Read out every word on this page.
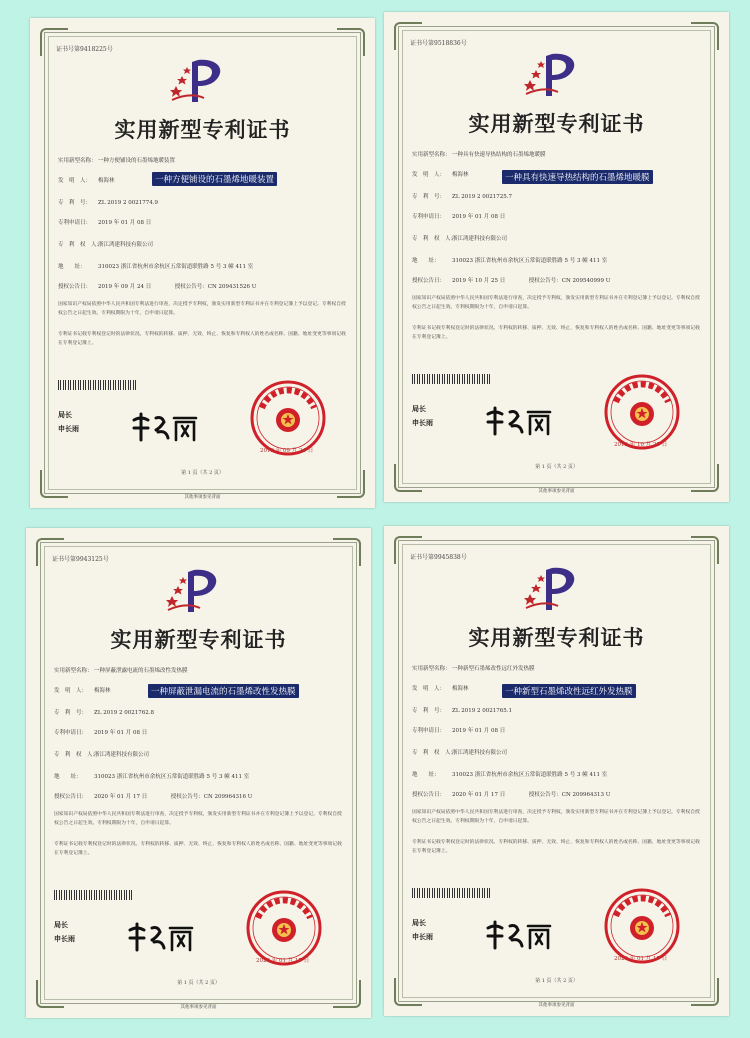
证书号第9418225号
实用新型专利证书
实用新型名称：一种方便铺设的石墨烯地暖装置
发　明　人： 梅海林
专　利　号： ZL 2019 2 0021774.9
专利申请日： 2019 年 01 月 08 日
专　利　权　人：浙江鸿建科技有限公司
地　　址： 310023 浙江省杭州市余杭区五常街道联胜路 5 号 3 幢 411 室
授权公告日： 2019 年 09 月 24 日	授权公告号：CN 209431526 U
一种方便铺设的石墨烯地暖装置
国家知识产权局依照中华人民共和国专利法进行审查，决定授予专利权，颁发实用新型专利证书并在专利登记簿上予以登记。专利权自授权公告之日起生效。专利权期限为十年，自申请日起算。
专利证书记载专利权登记时的法律状况。专利权的转移、质押、无效、终止、恢复和专利权人的姓名或名称、国籍、地址变更等事项记载在专利登记簿上。
局长
申长雨
2019 年 09 月 24 日
第 1 页（共 2 页）
其他事项参见背面
证书号第9518836号
实用新型专利证书
实用新型名称：一种具有快速导热结构的石墨烯地暖膜
发　明　人： 梅海林
专　利　号： ZL 2019 2 0021725.7
专利申请日： 2019 年 01 月 08 日
专　利　权　人：浙江鸿建科技有限公司
地　　址： 310023 浙江省杭州市余杭区五常街道联胜路 5 号 3 幢 411 室
授权公告日： 2019 年 10 月 25 日	授权公告号：CN 209540999 U
一种具有快速导热结构的石墨烯地暖膜
国家知识产权局依照中华人民共和国专利法进行审查，决定授予专利权，颁发实用新型专利证书并在专利登记簿上予以登记。专利权自授权公告之日起生效。专利权期限为十年，自申请日起算。
专利证书记载专利权登记时的法律状况。专利权的转移、质押、无效、终止、恢复和专利权人的姓名或名称、国籍、地址变更等事项记载在专利登记簿上。
局长
申长雨
2019 年 10 月 25 日
第 1 页（共 2 页）
其他事项参见背面
证书号第9943125号
实用新型专利证书
实用新型名称：一种屏蔽泄露电流的石墨烯改性发热膜
发　明　人： 梅海林
专　利　号： ZL 2019 2 0021762.8
专利申请日： 2019 年 01 月 08 日
专　利　权　人：浙江鸿建科技有限公司
地　　址： 310023 浙江省杭州市余杭区五常街道联胜路 5 号 3 幢 411 室
授权公告日： 2020 年 01 月 17 日	授权公告号：CN 209964316 U
一种屏蔽泄漏电流的石墨烯改性发热膜
国家知识产权局依照中华人民共和国专利法进行审查，决定授予专利权，颁发实用新型专利证书并在专利登记簿上予以登记。专利权自授权公告之日起生效。专利权期限为十年，自申请日起算。
专利证书记载专利权登记时的法律状况。专利权的转移、质押、无效、终止、恢复和专利权人的姓名或名称、国籍、地址变更等事项记载在专利登记簿上。
局长
申长雨
2020 年 01 月 17 日
第 1 页（共 2 页）
其他事项参见背面
证书号第9945838号
实用新型专利证书
实用新型名称：一种新型石墨烯改性远红外发热膜
发　明　人： 梅海林
专　利　号： ZL 2019 2 0021765.1
专利申请日： 2019 年 01 月 08 日
专　利　权　人：浙江鸿建科技有限公司
地　　址： 310023 浙江省杭州市余杭区五常街道联胜路 5 号 3 幢 411 室
授权公告日： 2020 年 01 月 17 日	授权公告号：CN 209964313 U
一种新型石墨烯改性远红外发热膜
国家知识产权局依照中华人民共和国专利法进行审查，决定授予专利权，颁发实用新型专利证书并在专利登记簿上予以登记。专利权自授权公告之日起生效。专利权期限为十年，自申请日起算。
专利证书记载专利权登记时的法律状况。专利权的转移、质押、无效、终止、恢复和专利权人的姓名或名称、国籍、地址变更等事项记载在专利登记簿上。
局长
申长雨
2020 年 01 月 17 日
第 1 页（共 2 页）
其他事项参见背面
